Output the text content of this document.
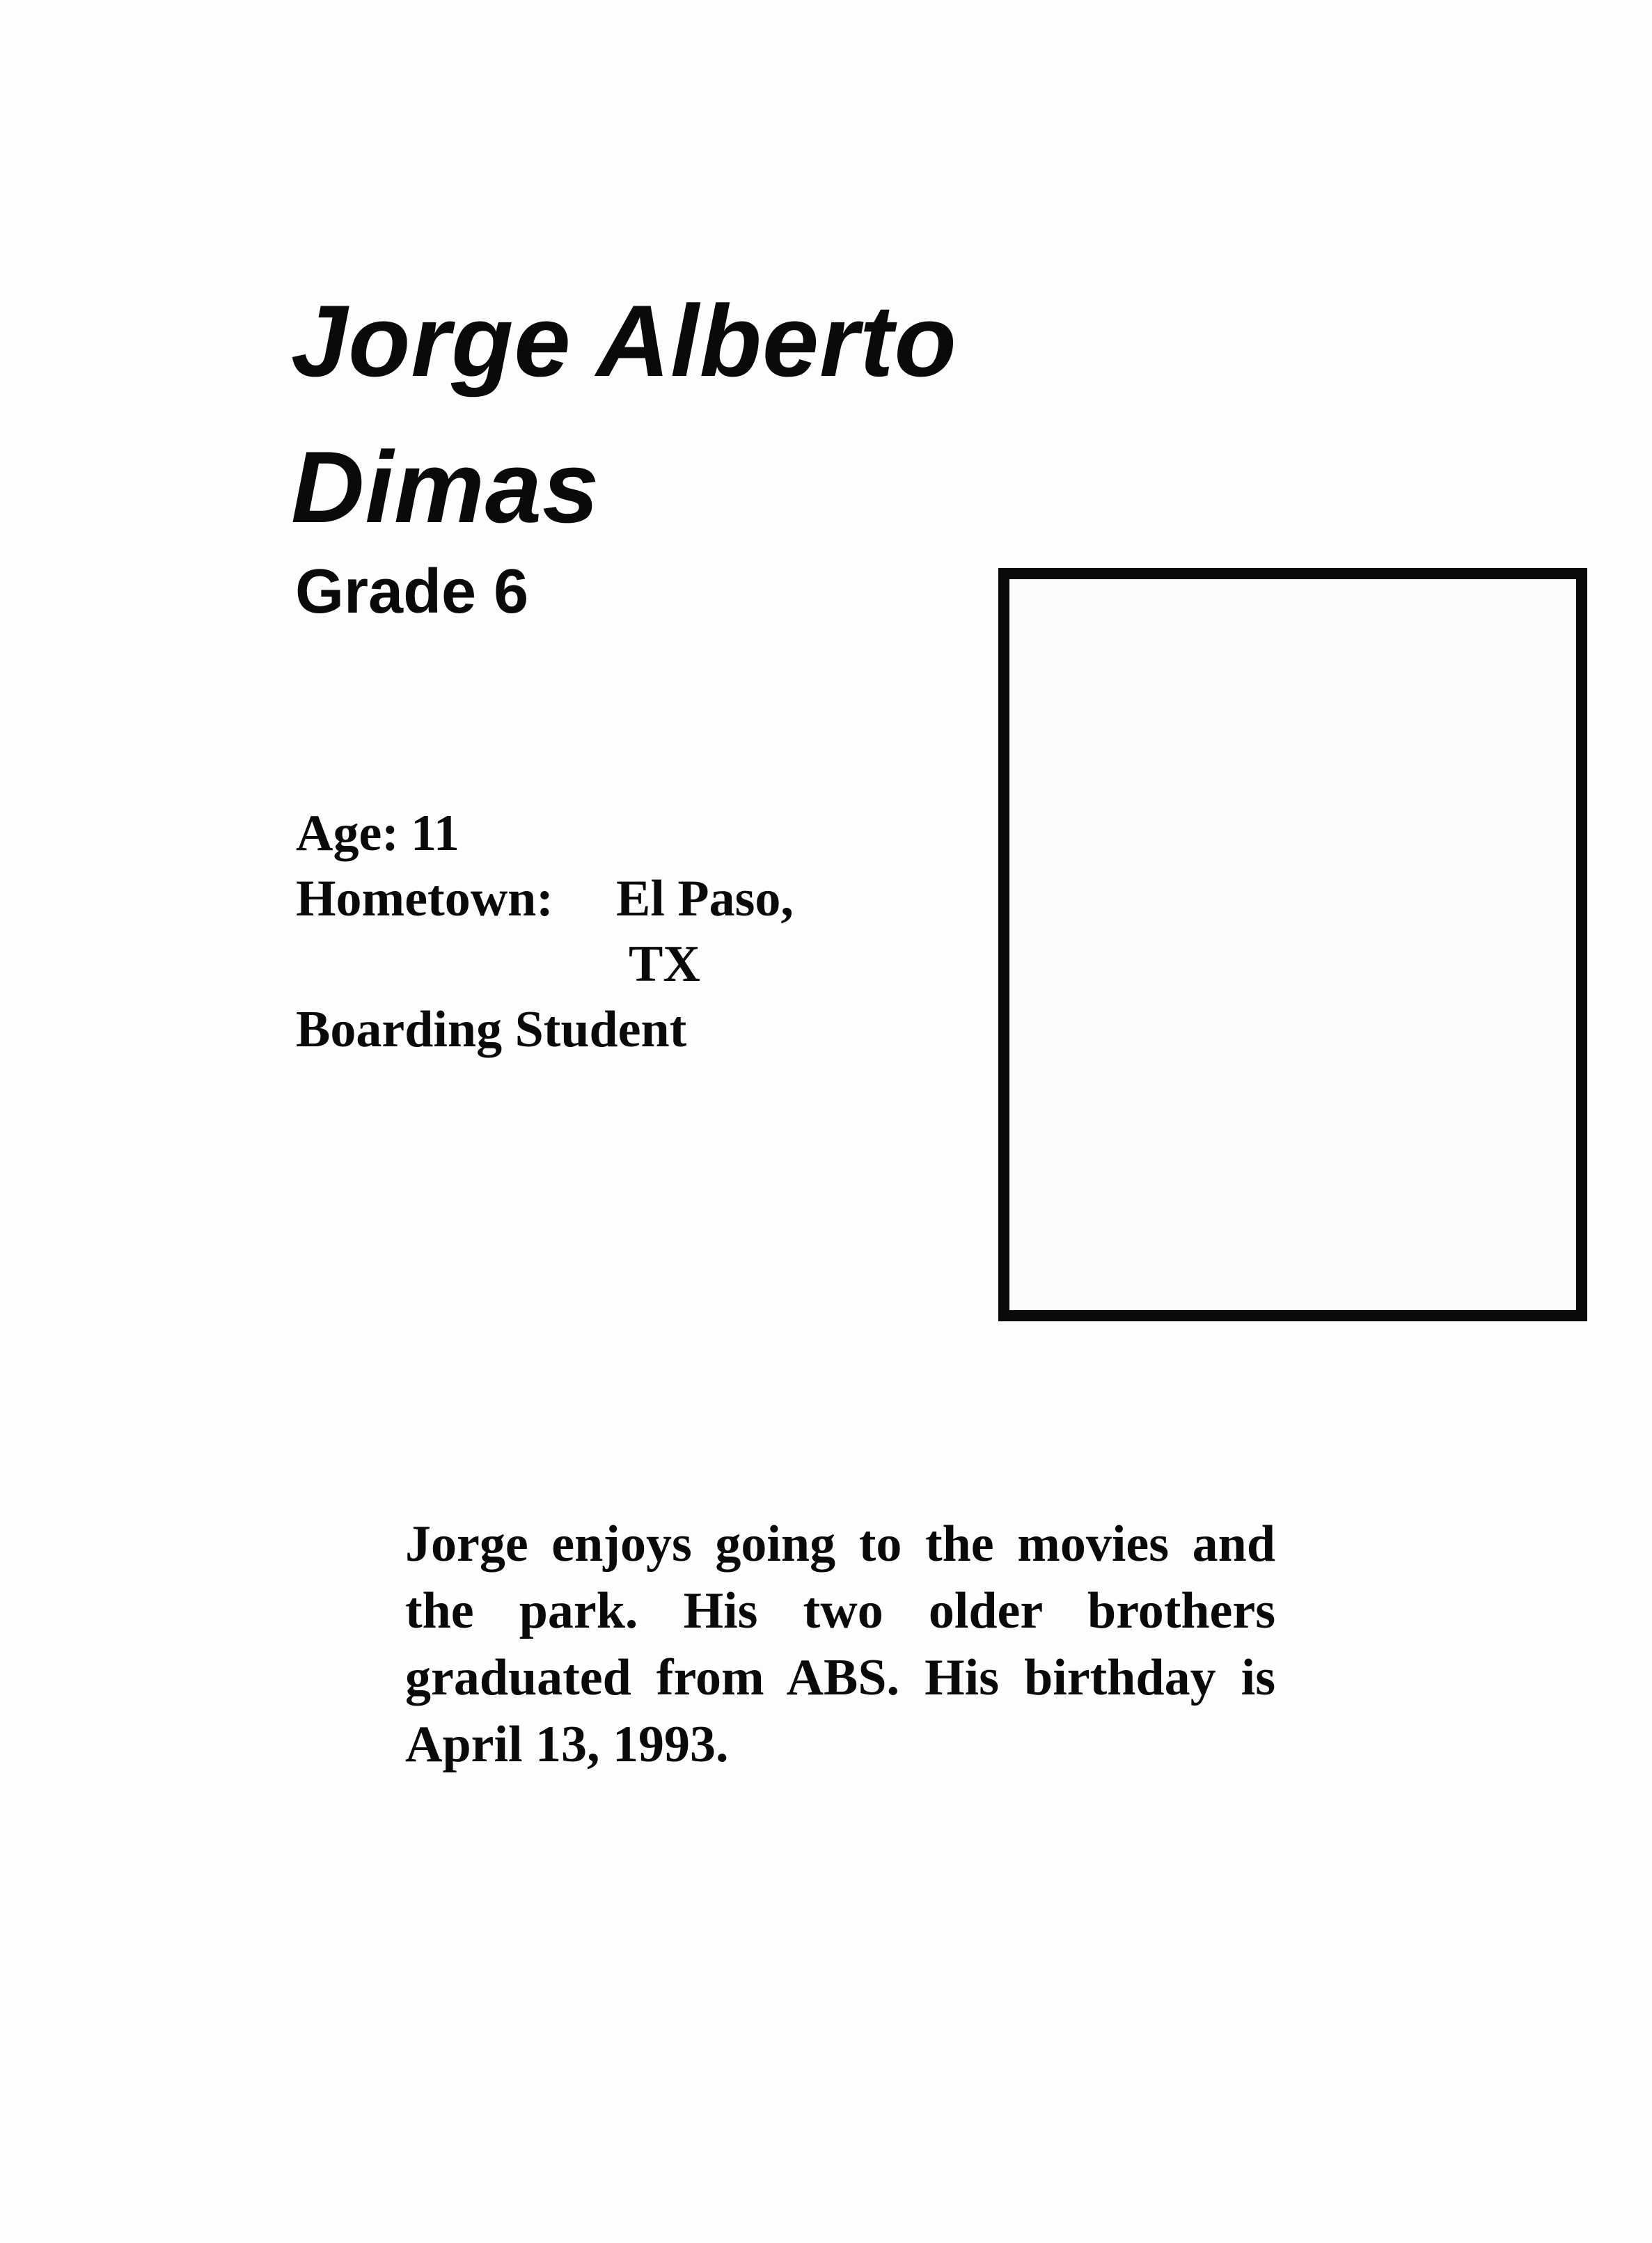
Jorge Alberto
Dimas
Grade 6
Age: 11
Hometown: El Paso,
TX
Boarding Student
Jorge enjoys going to the movies and the park. His two older brothers graduated from ABS. His birthday is April 13, 1993.
